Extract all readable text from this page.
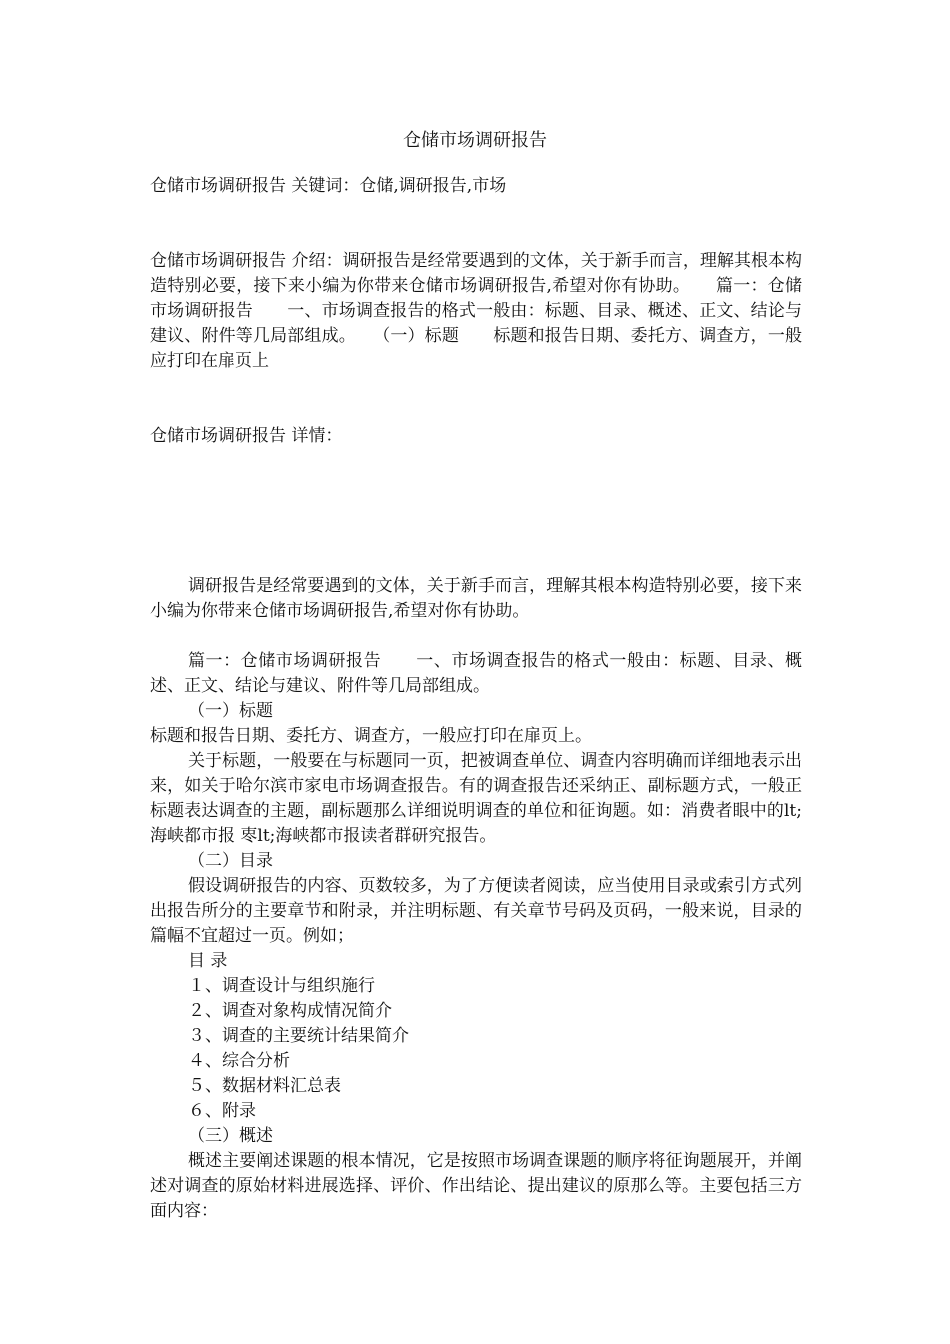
仓储市场调研报告
仓储市场调研报告 关键词：仓储,调研报告,市场
仓储市场调研报告 介绍：调研报告是经常要遇到的文体，关于新手而言，理解其根本构造特别必要，接下来小编为你带来仓储市场调研报告,希望对你有协助。　　篇一：仓储市场调研报告　　一、市场调查报告的格式一般由：标题、目录、概述、正文、结论与建议、附件等几局部组成。　　（一）标题　　标题和报告日期、委托方、调查方，一般应打印在扉页上
仓储市场调研报告 详情：
调研报告是经常要遇到的文体，关于新手而言，理解其根本构造特别必要，接下来小编为你带来仓储市场调研报告,希望对你有协助。
篇一：仓储市场调研报告　　一、市场调查报告的格式一般由：标题、目录、概述、正文、结论与建议、附件等几局部组成。
（一）标题
标题和报告日期、委托方、调查方，一般应打印在扉页上。
关于标题，一般要在与标题同一页，把被调查单位、调查内容明确而详细地表示出来，如关于哈尔滨市家电市场调查报告。有的调查报告还采纳正、副标题方式，一般正标题表达调查的主题，副标题那么详细说明调查的单位和征询题。如：消费者眼中的lt;海峡都市报 栆lt;海峡都市报读者群研究报告。
（二）目录
假设调研报告的内容、页数较多，为了方便读者阅读，应当使用目录或索引方式列出报告所分的主要章节和附录，并注明标题、有关章节号码及页码，一般来说，目录的篇幅不宜超过一页。例如；
目 录
１、调查设计与组织施行
２、调查对象构成情况简介
３、调查的主要统计结果简介
４、综合分析
５、数据材料汇总表
６、附录
（三）概述
概述主要阐述课题的根本情况，它是按照市场调查课题的顺序将征询题展开，并阐述对调查的原始材料进展选择、评价、作出结论、提出建议的原那么等。主要包括三方面内容：
